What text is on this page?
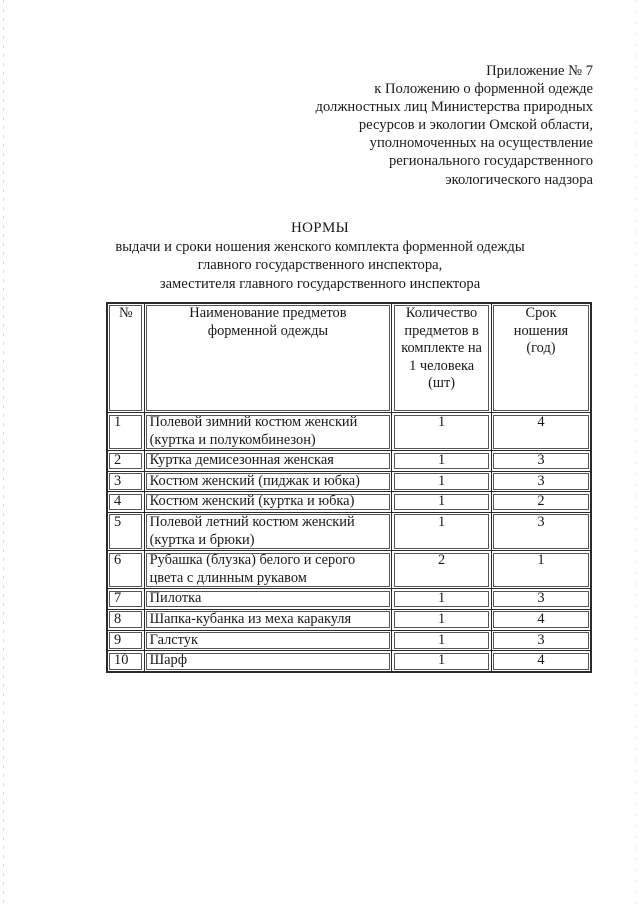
Приложение № 7
к Положению о форменной одежде
должностных лиц Министерства природных
ресурсов и экологии Омской области,
уполномоченных на осуществление
регионального государственного
экологического надзора
НОРМЫ
выдачи и сроки ношения женского комплекта форменной одежды
главного государственного инспектора,
заместителя главного государственного инспектора
№	Наименование предметов форменной одежды	Количество предметов в комплекте на 1 человека (шт)	Срок ношения (год)

1	Полевой зимний костюм женский (куртка и полукомбинезон)	1	4
2	Куртка демисезонная женская	1	3
3	Костюм женский (пиджак и юбка)	1	3
4	Костюм женский (куртка и юбка)	1	2
5	Полевой летний костюм женский (куртка и брюки)	1	3
6	Рубашка (блузка) белого и серого цвета с длинным рукавом	2	1
7	Пилотка	1	3
8	Шапка-кубанка из меха каракуля	1	4
9	Галстук	1	3
10	Шарф	1	4
